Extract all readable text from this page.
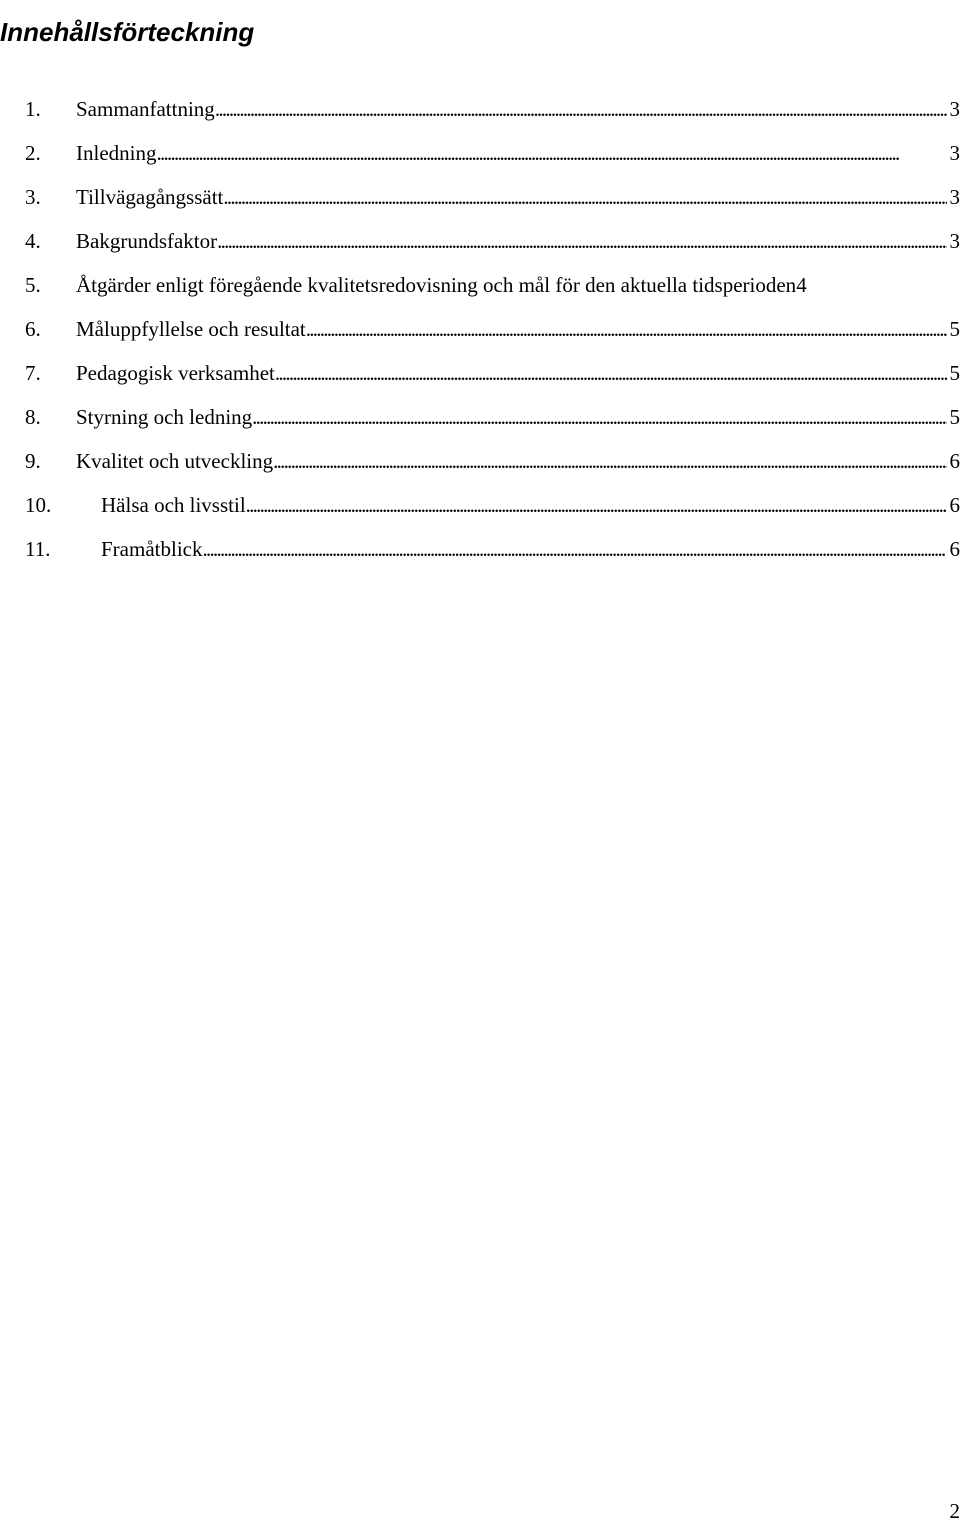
Innehållsförteckning
1.	Sammanfattning . . .	3
2.	Inledning . . .	3
3.	Tillvägagångssätt . . .	3
4.	Bakgrundsfaktor . . .	3
5.	Åtgärder enligt föregående kvalitetsredovisning och mål för den aktuella tidsperioden 4
6.	Måluppfyllelse och resultat . . .	5
7.	Pedagogisk verksamhet . . .	5
8.	Styrning och ledning . . .	5
9.	Kvalitet och utveckling . . .	6
10.	Hälsa och livsstil . . .	6
11.	Framåtblick . . .	6
2
